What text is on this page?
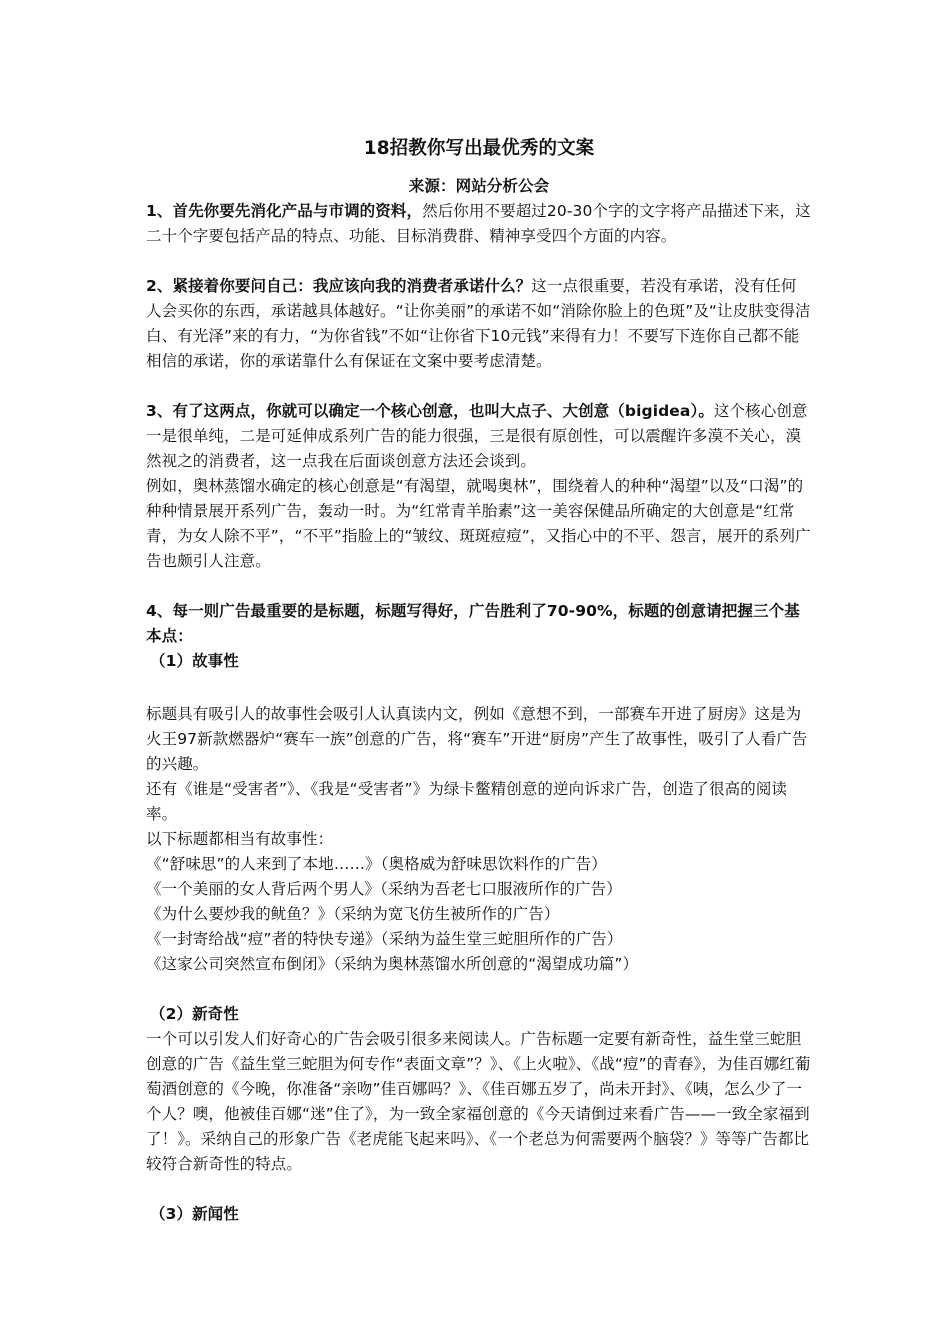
18招教你写出最优秀的文案
来源：网站分析公会

1、首先你要先消化产品与市调的资料，然后你用不要超过20-30个字的文字将产品描述下来，这二十个字要包括产品的特点、功能、目标消费群、精神享受四个方面的内容。

2、紧接着你要问自己：我应该向我的消费者承诺什么？这一点很重要，若没有承诺，没有任何人会买你的东西，承诺越具体越好。“让你美丽”的承诺不如“消除你脸上的色斑”及“让皮肤变得洁白、有光泽”来的有力，“为你省钱”不如“让你省下10元钱”来得有力！不要写下连你自己都不能相信的承诺，你的承诺靠什么有保证在文案中要考虑清楚。

3、有了这两点，你就可以确定一个核心创意，也叫大点子、大创意（bigidea）。这个核心创意一是很单纯，二是可延伸成系列广告的能力很强，三是很有原创性，可以震醒许多漠不关心，漠然视之的消费者，这一点我在后面谈创意方法还会谈到。

例如，奥林蒸馏水确定的核心创意是“有渴望，就喝奥林”，围绕着人的种种“渴望”以及“口渴”的种种情景展开系列广告，轰动一时。为“红常青羊胎素”这一美容保健品所确定的大创意是“红常青，为女人除不平”，“不平”指脸上的“皱纹、斑斑痘痘”，又指心中的不平、怨言，展开的系列广告也颇引人注意。

4、每一则广告最重要的是标题，标题写得好，广告胜利了70-90%，标题的创意请把握三个基本点：

（1）故事性

标题具有吸引人的故事性会吸引人认真读内文，例如《意想不到，一部赛车开进了厨房》这是为火王97新款燃器炉“赛车一族”创意的广告，将“赛车”开进“厨房”产生了故事性，吸引了人看广告的兴趣。

还有《谁是“受害者”》、《我是“受害者”》为绿卡鳖精创意的逆向诉求广告，创造了很高的阅读率。

以下标题都相当有故事性：

《“舒味思”的人来到了本地……》（奥格威为舒味思饮料作的广告）

《一个美丽的女人背后两个男人》（采纳为吾老七口服液所作的广告）

《为什么要炒我的鱿鱼？》（采纳为宽飞仿生被所作的广告）

《一封寄给战“痘”者的特快专递》（采纳为益生堂三蛇胆所作的广告）

《这家公司突然宣布倒闭》（采纳为奥林蒸馏水所创意的“渴望成功篇”）

（2）新奇性

一个可以引发人们好奇心的广告会吸引很多来阅读人。广告标题一定要有新奇性，益生堂三蛇胆创意的广告《益生堂三蛇胆为何专作“表面文章”？》、《上火啦》、《战“痘”的青春》，为佳百娜红葡萄酒创意的《今晚，你准备“亲吻”佳百娜吗？》、《佳百娜五岁了，尚未开封》、《咦，怎么少了一个人？噢，他被佳百娜“迷”住了》，为一致全家福创意的《今天请倒过来看广告——一致全家福到了！》。采纳自己的形象广告《老虎能飞起来吗》、《一个老总为何需要两个脑袋？》等等广告都比较符合新奇性的特点。

（3）新闻性
